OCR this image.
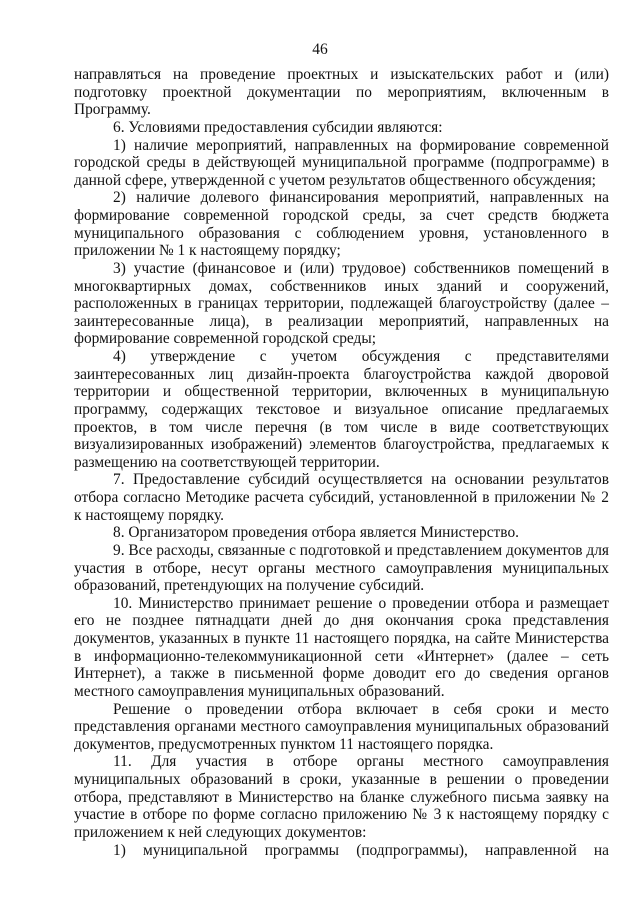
46

направляться на проведение проектных и изыскательских работ и (или) подготовку проектной документации по мероприятиям, включенным в Программу.

6. Условиями предоставления субсидии являются:

1) наличие мероприятий, направленных на формирование современной городской среды в действующей муниципальной программе (подпрограмме) в данной сфере, утвержденной с учетом результатов общественного обсуждения;

2) наличие долевого финансирования мероприятий, направленных на формирование современной городской среды, за счет средств бюджета муниципального образования с соблюдением уровня, установленного в приложении № 1 к настоящему порядку;

3) участие (финансовое и (или) трудовое) собственников помещений в многоквартирных домах, собственников иных зданий и сооружений, расположенных в границах территории, подлежащей благоустройству (далее – заинтересованные лица), в реализации мероприятий, направленных на формирование современной городской среды;

4) утверждение с учетом обсуждения с представителями заинтересованных лиц дизайн-проекта благоустройства каждой дворовой территории и общественной территории, включенных в муниципальную программу, содержащих текстовое и визуальное описание предлагаемых проектов, в том числе перечня (в том числе в виде соответствующих визуализированных изображений) элементов благоустройства, предлагаемых к размещению на соответствующей территории.

7. Предоставление субсидий осуществляется на основании результатов отбора согласно Методике расчета субсидий, установленной в приложении № 2 к настоящему порядку.

8. Организатором проведения отбора является Министерство.

9. Все расходы, связанные с подготовкой и представлением документов для участия в отборе, несут органы местного самоуправления муниципальных образований, претендующих на получение субсидий.

10. Министерство принимает решение о проведении отбора и размещает его не позднее пятнадцати дней до дня окончания срока представления документов, указанных в пункте 11 настоящего порядка, на сайте Министерства в информационно-телекоммуникационной сети «Интернет» (далее – сеть Интернет), а также в письменной форме доводит его до сведения органов местного самоуправления муниципальных образований.

Решение о проведении отбора включает в себя сроки и место представления органами местного самоуправления муниципальных образований документов, предусмотренных пунктом 11 настоящего порядка.

11. Для участия в отборе органы местного самоуправления муниципальных образований в сроки, указанные в решении о проведении отбора, представляют в Министерство на бланке служебного письма заявку на участие в отборе по форме согласно приложению № 3 к настоящему порядку с приложением к ней следующих документов:

1) муниципальной программы (подпрограммы), направленной на
